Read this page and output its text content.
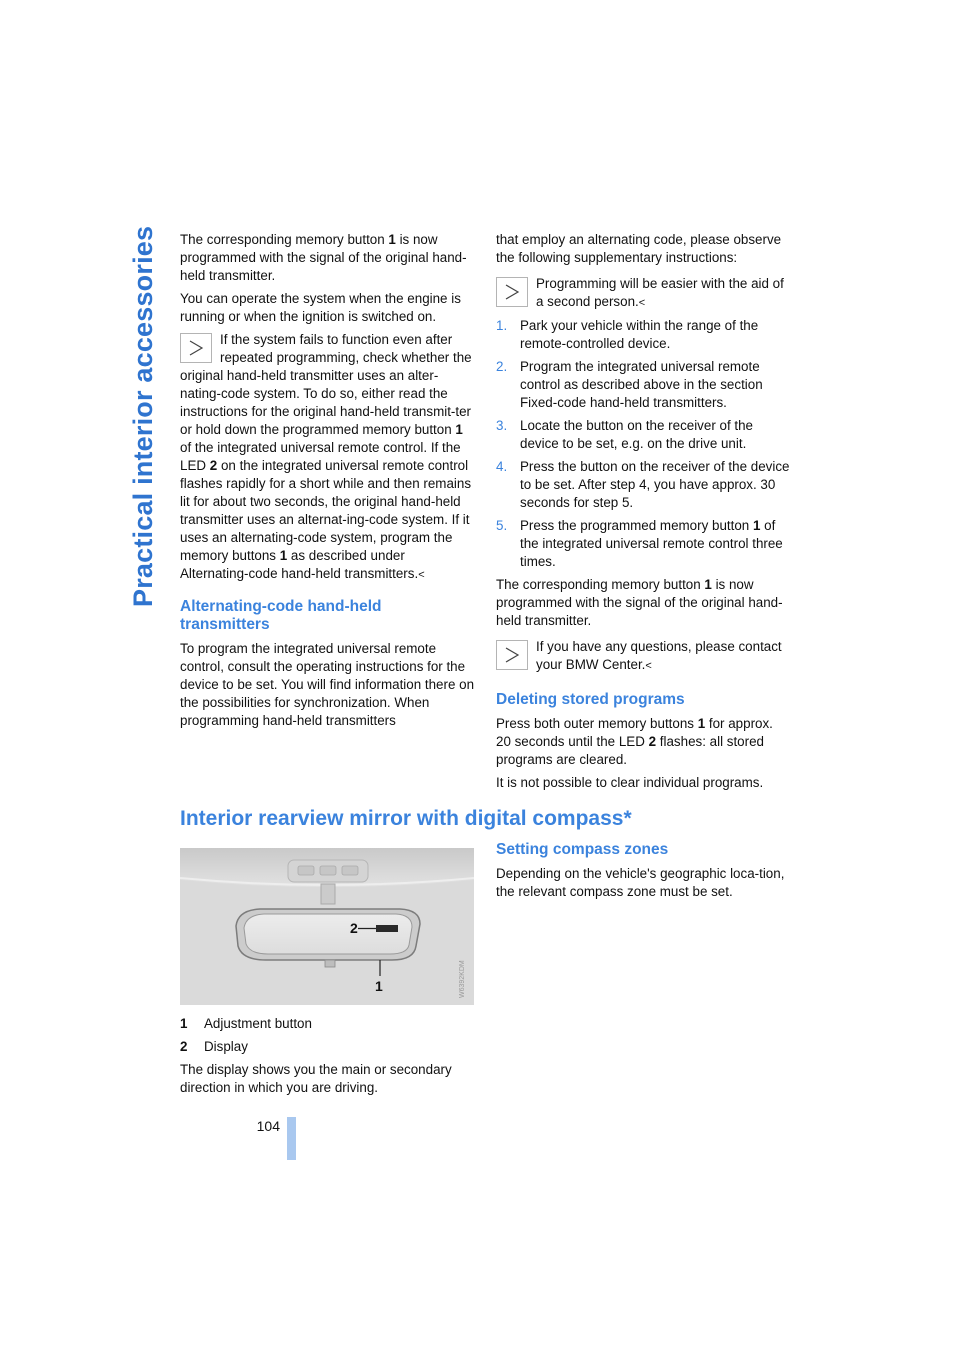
Practical interior accessories The corresponding memory button 1 is now programmed with the signal of the original hand-held transmitter.

You can operate the system when the engine is running or when the ignition is switched on.

If the system fails to function even after repeated programming, check whether the original hand-held transmitter uses an alter-nating-code system. To do so, either read the instructions for the original hand-held transmit-ter or hold down the programmed memory button 1 of the integrated universal remote control. If the LED 2 on the integrated universal remote control flashes rapidly for a short while and then remains lit for about two seconds, the original hand-held transmitter uses an alternat-ing-code system. If it uses an alternating-code system, program the memory buttons 1 as described under Alternating-code hand-held transmitters.<

Alternating-code hand-held transmitters

To program the integrated universal remote control, consult the operating instructions for the device to be set. You will find information there on the possibilities for synchronization. When programming hand-held transmitters

that employ an alternating code, please observe the following supplementary instructions:

Programming will be easier with the aid of a second person.<

1. Park your vehicle within the range of the remote-controlled device.
2. Program the integrated universal remote control as described above in the section Fixed-code hand-held transmitters.
3. Locate the button on the receiver of the device to be set, e.g. on the drive unit.
4. Press the button on the receiver of the device to be set. After step 4, you have approx. 30 seconds for step 5.
5. Press the programmed memory button 1 of the integrated universal remote control three times.

The corresponding memory button 1 is now programmed with the signal of the original hand-held transmitter.

If you have any questions, please contact your BMW Center.<

Deleting stored programs

Press both outer memory buttons 1 for approx. 20 seconds until the LED 2 flashes: all stored programs are cleared.

It is not possible to clear individual programs.

Interior rearview mirror with digital compass*
2
1	W6392KDM

1 Adjustment button

2 Display

The display shows you the main or secondary direction in which you are driving.

Setting compass zones

Depending on the vehicle's geographic loca-tion, the relevant compass zone must be set.

104
